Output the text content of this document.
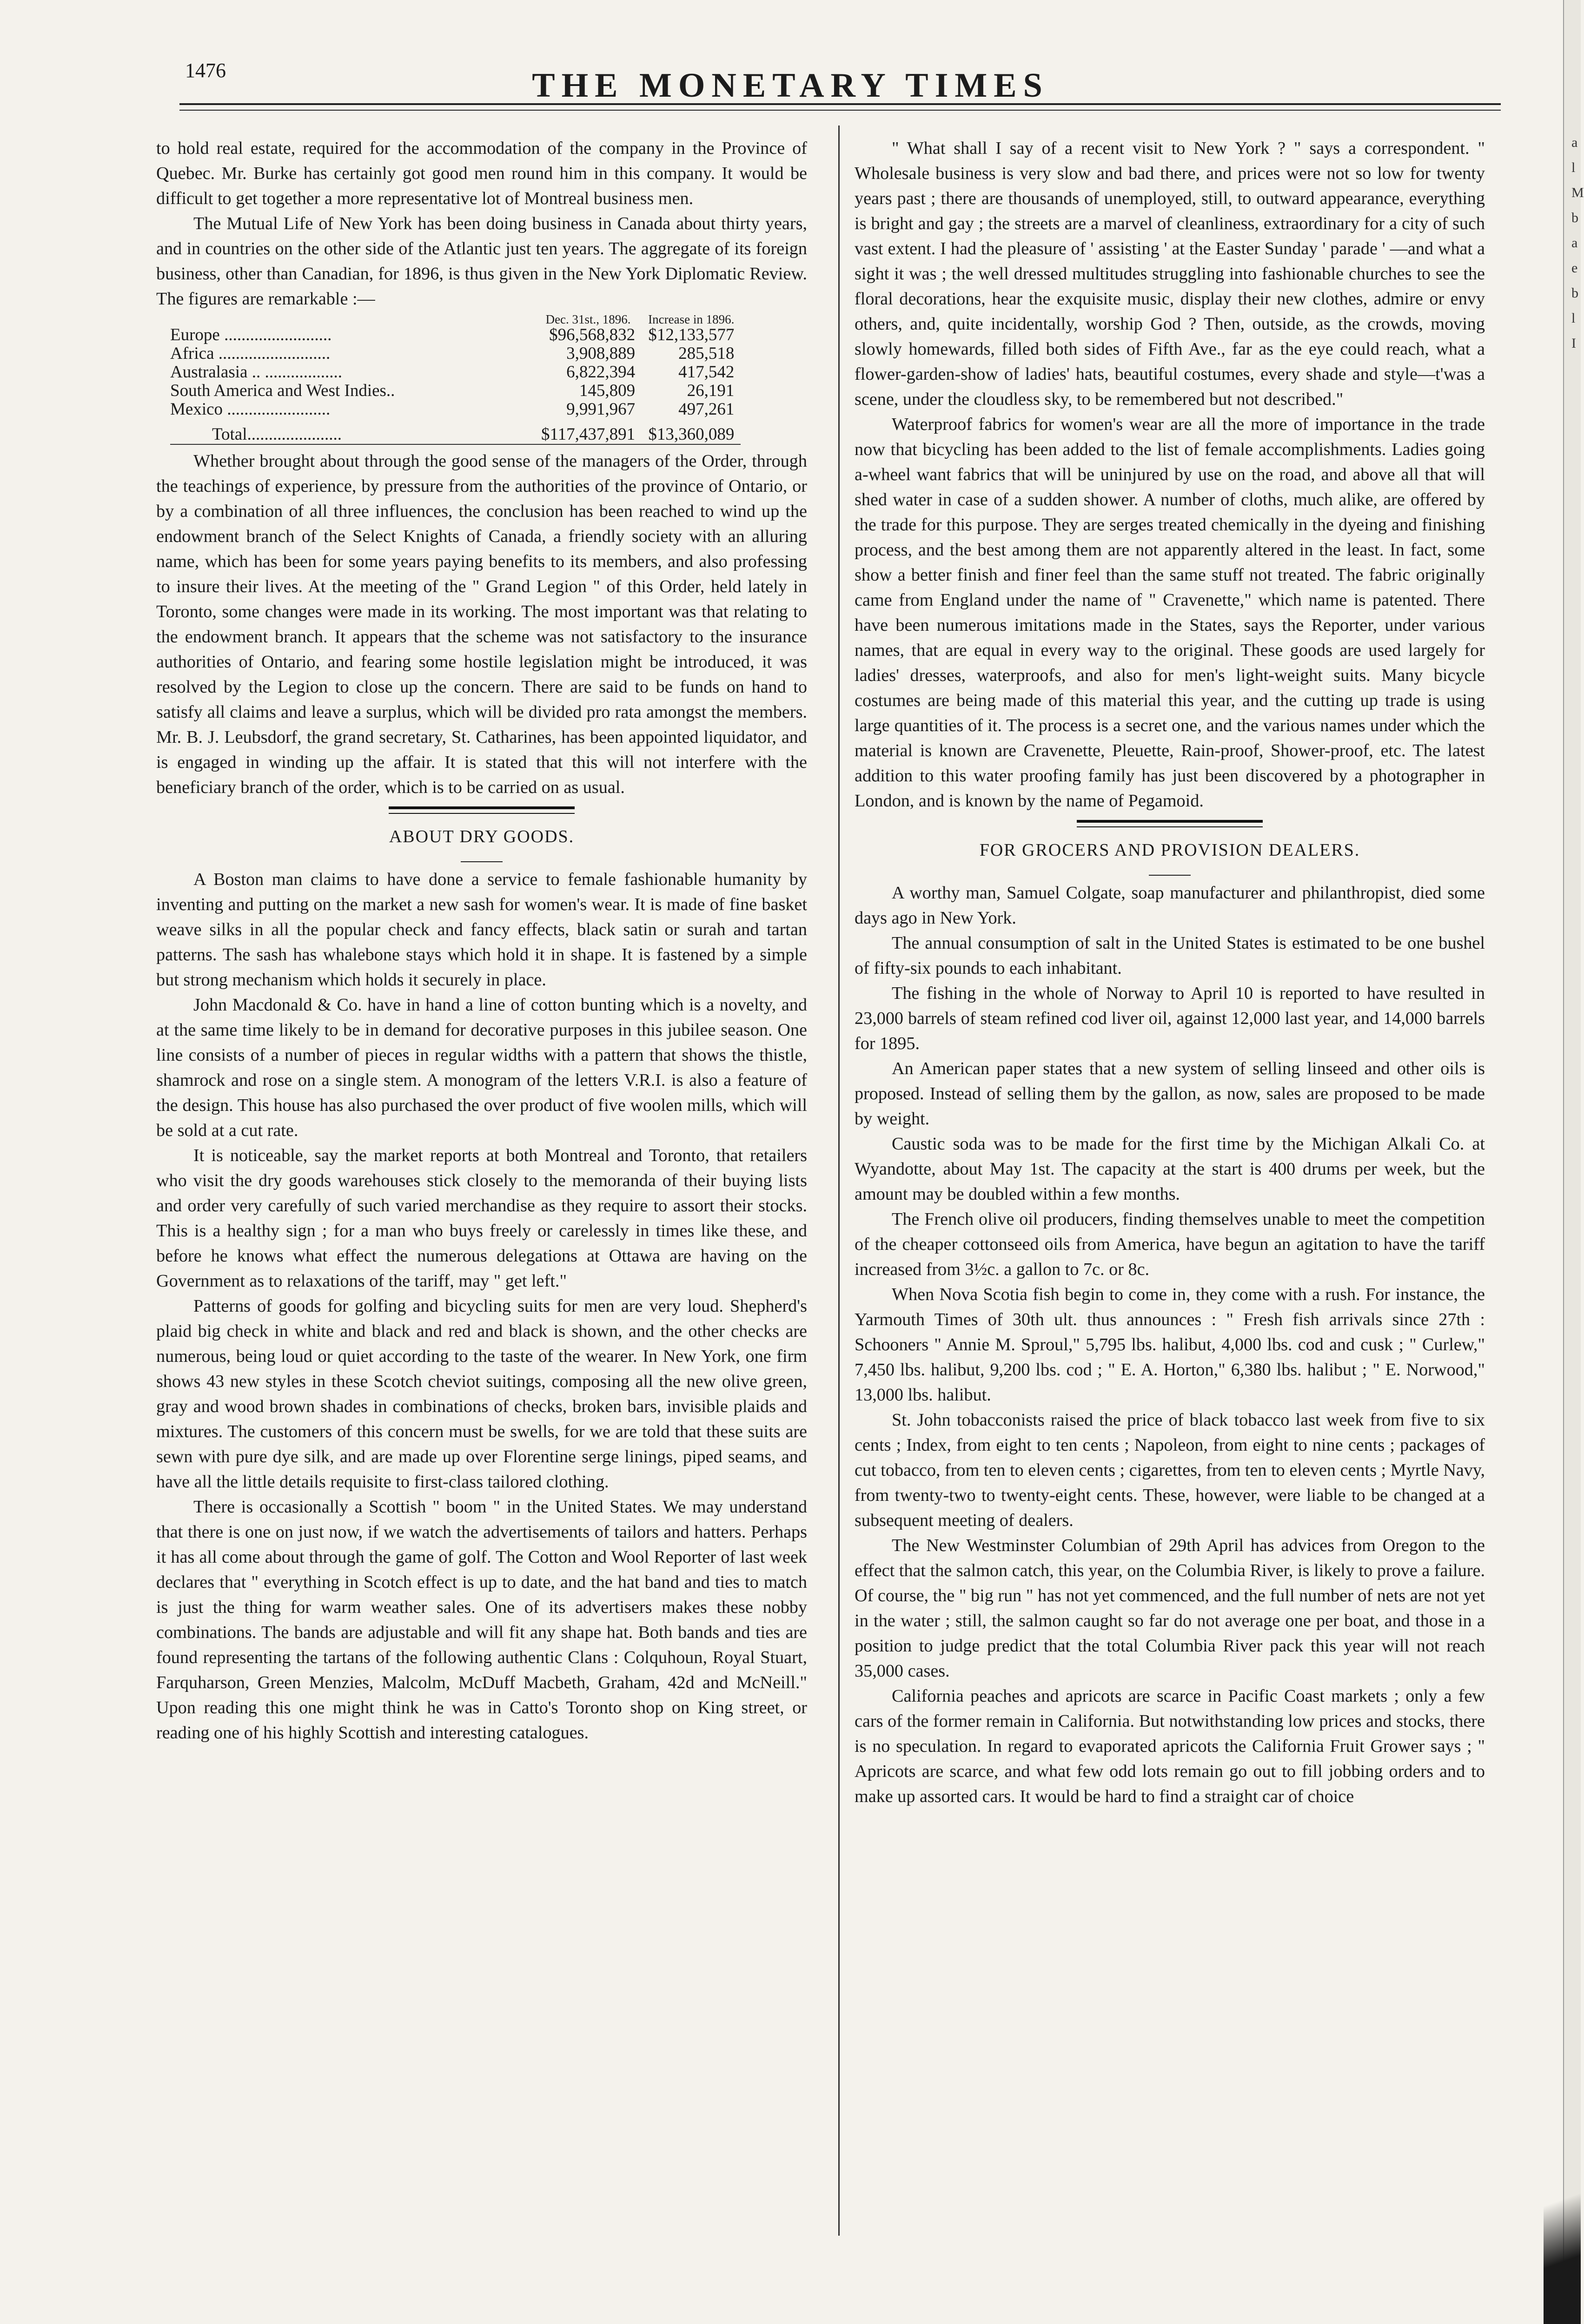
1476	THE MONETARY TIMES

to hold real estate, required for the accommodation of the company in the Province of Quebec. Mr. Burke has certainly got good men round him in this company. It would be difficult to get together a more representative lot of Montreal business men.

The Mutual Life of New York has been doing business in Canada about thirty years, and in countries on the other side of the Atlantic just ten years. The aggregate of its foreign business, other than Canadian, for 1896, is thus given in the New York Diplomatic Review. The figures are remarkable :—

	Dec. 31st., 1896.	Increase in 1896.
Europe .........................	$96,568,832	$12,133,577
Africa ..........................	3,908,889	285,518
Australasia .. ..................	6,822,394	417,542
South America and West Indies..	145,809	26,191
Mexico ........................	9,991,967	497,261
Total......................	$117,437,891	$13,360,089

Whether brought about through the good sense of the managers of the Order, through the teachings of experience, by pressure from the authorities of the province of Ontario, or by a combination of all three influences, the conclusion has been reached to wind up the endowment branch of the Select Knights of Canada, a friendly society with an alluring name, which has been for some years paying benefits to its members, and also professing to insure their lives. At the meeting of the " Grand Legion " of this Order, held lately in Toronto, some changes were made in its working. The most important was that relating to the endowment branch. It appears that the scheme was not satisfactory to the insurance authorities of Ontario, and fearing some hostile legislation might be introduced, it was resolved by the Legion to close up the concern. There are said to be funds on hand to satisfy all claims and leave a surplus, which will be divided pro rata amongst the members. Mr. B. J. Leubsdorf, the grand secretary, St. Catharines, has been appointed liquidator, and is engaged in winding up the affair. It is stated that this will not interfere with the beneficiary branch of the order, which is to be carried on as usual.

ABOUT DRY GOODS.

A Boston man claims to have done a service to female fashionable humanity by inventing and putting on the market a new sash for women's wear. It is made of fine basket weave silks in all the popular check and fancy effects, black satin or surah and tartan patterns. The sash has whalebone stays which hold it in shape. It is fastened by a simple but strong mechanism which holds it securely in place.

John Macdonald & Co. have in hand a line of cotton bunting which is a novelty, and at the same time likely to be in demand for decorative purposes in this jubilee season. One line consists of a number of pieces in regular widths with a pattern that shows the thistle, shamrock and rose on a single stem. A monogram of the letters V.R.I. is also a feature of the design. This house has also purchased the over product of five woolen mills, which will be sold at a cut rate.

It is noticeable, say the market reports at both Montreal and Toronto, that retailers who visit the dry goods warehouses stick closely to the memoranda of their buying lists and order very carefully of such varied merchandise as they require to assort their stocks. This is a healthy sign ; for a man who buys freely or carelessly in times like these, and before he knows what effect the numerous delegations at Ottawa are having on the Government as to relaxations of the tariff, may " get left."

Patterns of goods for golfing and bicycling suits for men are very loud. Shepherd's plaid big check in white and black and red and black is shown, and the other checks are numerous, being loud or quiet according to the taste of the wearer. In New York, one firm shows 43 new styles in these Scotch cheviot suitings, composing all the new olive green, gray and wood brown shades in combinations of checks, broken bars, invisible plaids and mixtures. The customers of this concern must be swells, for we are told that these suits are sewn with pure dye silk, and are made up over Florentine serge linings, piped seams, and have all the little details requisite to first-class tailored clothing.

There is occasionally a Scottish " boom " in the United States. We may understand that there is one on just now, if we watch the advertisements of tailors and hatters. Perhaps it has all come about through the game of golf. The Cotton and Wool Reporter of last week declares that " everything in Scotch effect is up to date, and the hat band and ties to match is just the thing for warm weather sales. One of its advertisers makes these nobby combinations. The bands are adjustable and will fit any shape hat. Both bands and ties are found representing the tartans of the following authentic Clans : Colquhoun, Royal Stuart, Farquharson, Green Menzies, Malcolm, McDuff Macbeth, Graham, 42d and McNeill." Upon reading this one might think he was in Catto's Toronto shop on King street, or reading one of his highly Scottish and interesting catalogues.

" What shall I say of a recent visit to New York ? " says a correspondent. " Wholesale business is very slow and bad there, and prices were not so low for twenty years past ; there are thousands of unemployed, still, to outward appearance, everything is bright and gay ; the streets are a marvel of cleanliness, extraordinary for a city of such vast extent. I had the pleasure of ' assisting ' at the Easter Sunday ' parade ' —and what a sight it was ; the well dressed multitudes struggling into fashionable churches to see the floral decorations, hear the exquisite music, display their new clothes, admire or envy others, and, quite incidentally, worship God ? Then, outside, as the crowds, moving slowly homewards, filled both sides of Fifth Ave., far as the eye could reach, what a flower-garden-show of ladies' hats, beautiful costumes, every shade and style—t'was a scene, under the cloudless sky, to be remembered but not described."

Waterproof fabrics for women's wear are all the more of importance in the trade now that bicycling has been added to the list of female accomplishments. Ladies going a-wheel want fabrics that will be uninjured by use on the road, and above all that will shed water in case of a sudden shower. A number of cloths, much alike, are offered by the trade for this purpose. They are serges treated chemically in the dyeing and finishing process, and the best among them are not apparently altered in the least. In fact, some show a better finish and finer feel than the same stuff not treated. The fabric originally came from England under the name of " Cravenette," which name is patented. There have been numerous imitations made in the States, says the Reporter, under various names, that are equal in every way to the original. These goods are used largely for ladies' dresses, waterproofs, and also for men's light-weight suits. Many bicycle costumes are being made of this material this year, and the cutting up trade is using large quantities of it. The process is a secret one, and the various names under which the material is known are Cravenette, Pleuette, Rain-proof, Shower-proof, etc. The latest addition to this water proofing family has just been discovered by a photographer in London, and is known by the name of Pegamoid.

FOR GROCERS AND PROVISION DEALERS.

A worthy man, Samuel Colgate, soap manufacturer and philanthropist, died some days ago in New York.

The annual consumption of salt in the United States is estimated to be one bushel of fifty-six pounds to each inhabitant.

The fishing in the whole of Norway to April 10 is reported to have resulted in 23,000 barrels of steam refined cod liver oil, against 12,000 last year, and 14,000 barrels for 1895.

An American paper states that a new system of selling linseed and other oils is proposed. Instead of selling them by the gallon, as now, sales are proposed to be made by weight.

Caustic soda was to be made for the first time by the Michigan Alkali Co. at Wyandotte, about May 1st. The capacity at the start is 400 drums per week, but the amount may be doubled within a few months.

The French olive oil producers, finding themselves unable to meet the competition of the cheaper cottonseed oils from America, have begun an agitation to have the tariff increased from 3½c. a gallon to 7c. or 8c.

When Nova Scotia fish begin to come in, they come with a rush. For instance, the Yarmouth Times of 30th ult. thus announces : " Fresh fish arrivals since 27th : Schooners " Annie M. Sproul," 5,795 lbs. halibut, 4,000 lbs. cod and cusk ; " Curlew," 7,450 lbs. halibut, 9,200 lbs. cod ; " E. A. Horton," 6,380 lbs. halibut ; " E. Norwood," 13,000 lbs. halibut.

St. John tobacconists raised the price of black tobacco last week from five to six cents ; Index, from eight to ten cents ; Napoleon, from eight to nine cents ; packages of cut tobacco, from ten to eleven cents ; cigarettes, from ten to eleven cents ; Myrtle Navy, from twenty-two to twenty-eight cents. These, however, were liable to be changed at a subsequent meeting of dealers.

The New Westminster Columbian of 29th April has advices from Oregon to the effect that the salmon catch, this year, on the Columbia River, is likely to prove a failure. Of course, the " big run " has not yet commenced, and the full number of nets are not yet in the water ; still, the salmon caught so far do not average one per boat, and those in a position to judge predict that the total Columbia River pack this year will not reach 35,000 cases.

California peaches and apricots are scarce in Pacific Coast markets ; only a few cars of the former remain in California. But notwithstanding low prices and stocks, there is no speculation. In regard to evaporated apricots the California Fruit Grower says ; " Apricots are scarce, and what few odd lots remain go out to fill jobbing orders and to make up assorted cars. It would be hard to find a straight car of choice

a l M b a e b l I
